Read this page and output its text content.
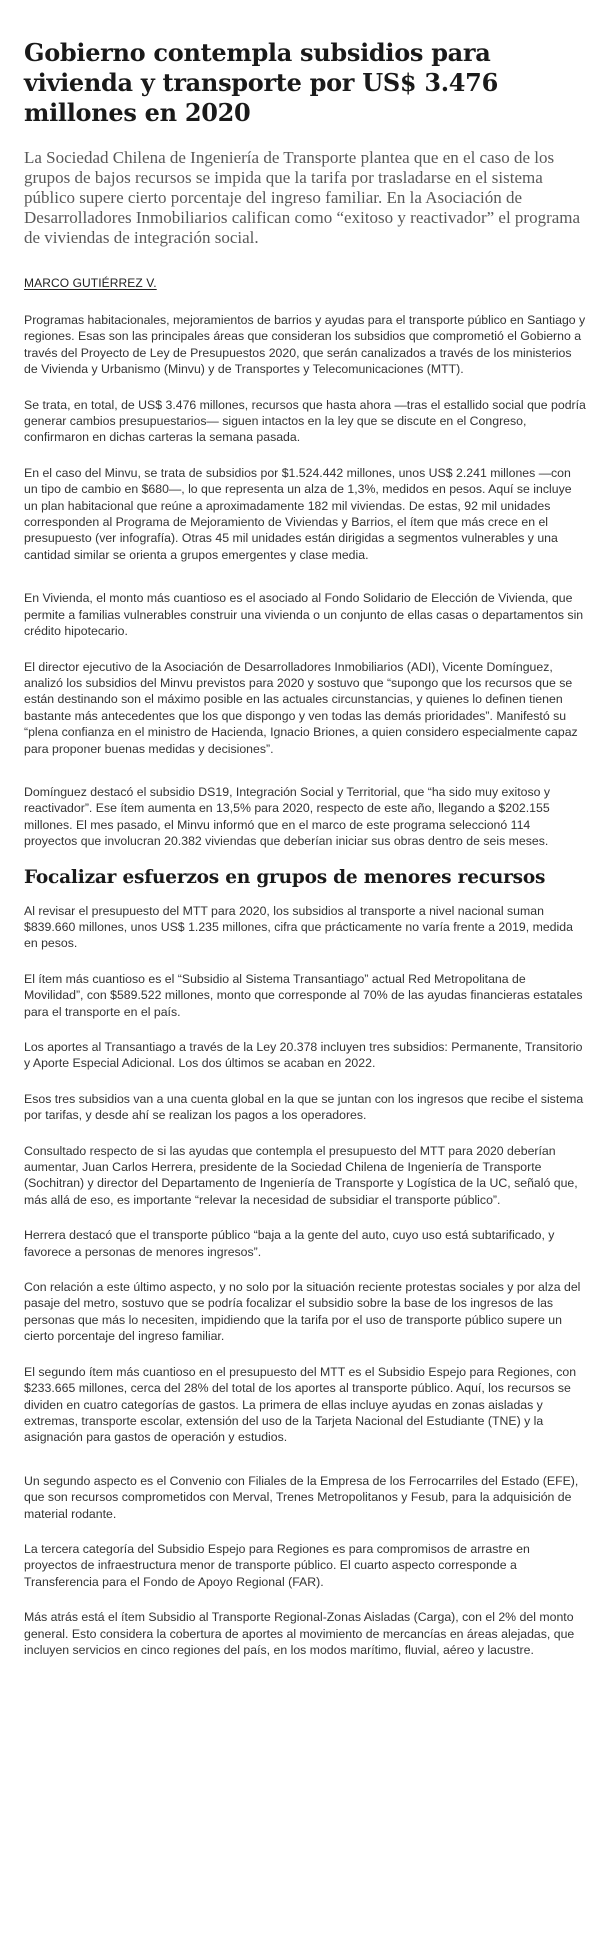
Gobierno contempla subsidios para vivienda y transporte por US$ 3.476 millones en 2020

La Sociedad Chilena de Ingeniería de Transporte plantea que en el caso de los grupos de bajos recursos se impida que la tarifa por trasladarse en el sistema público supere cierto porcentaje del ingreso familiar. En la Asociación de Desarrolladores Inmobiliarios califican como “exitoso y reactivador” el programa de viviendas de integración social.

MARCO GUTIÉRREZ V.

Programas habitacionales, mejoramientos de barrios y ayudas para el transporte público en Santiago y regiones. Esas son las principales áreas que consideran los subsidios que comprometió el Gobierno a través del Proyecto de Ley de Presupuestos 2020, que serán canalizados a través de los ministerios de Vivienda y Urbanismo (Minvu) y de Transportes y Telecomunicaciones (MTT).

Se trata, en total, de US$ 3.476 millones, recursos que hasta ahora —tras el estallido social que podría generar cambios presupuestarios— siguen intactos en la ley que se discute en el Congreso, confirmaron en dichas carteras la semana pasada.

En el caso del Minvu, se trata de subsidios por $1.524.442 millones, unos US$ 2.241 millones —con un tipo de cambio en $680—, lo que representa un alza de 1,3%, medidos en pesos. Aquí se incluye un plan habitacional que reúne a aproximadamente 182 mil viviendas. De estas, 92 mil unidades corresponden al Programa de Mejoramiento de Viviendas y Barrios, el ítem que más crece en el presupuesto (ver infografía). Otras 45 mil unidades están dirigidas a segmentos vulnerables y una cantidad similar se orienta a grupos emergentes y clase media.

En Vivienda, el monto más cuantioso es el asociado al Fondo Solidario de Elección de Vivienda, que permite a familias vulnerables construir una vivienda o un conjunto de ellas casas o departamentos sin crédito hipotecario.

El director ejecutivo de la Asociación de Desarrolladores Inmobiliarios (ADI), Vicente Domínguez, analizó los subsidios del Minvu previstos para 2020 y sostuvo que “supongo que los recursos que se están destinando son el máximo posible en las actuales circunstancias, y quienes lo definen tienen bastante más antecedentes que los que dispongo y ven todas las demás prioridades”. Manifestó su “plena confianza en el ministro de Hacienda, Ignacio Briones, a quien considero especialmente capaz para proponer buenas medidas y decisiones”.

Domínguez destacó el subsidio DS19, Integración Social y Territorial, que “ha sido muy exitoso y reactivador”. Ese ítem aumenta en 13,5% para 2020, respecto de este año, llegando a $202.155 millones. El mes pasado, el Minvu informó que en el marco de este programa seleccionó 114 proyectos que involucran 20.382 viviendas que deberían iniciar sus obras dentro de seis meses.

Focalizar esfuerzos en grupos de menores recursos

Al revisar el presupuesto del MTT para 2020, los subsidios al transporte a nivel nacional suman $839.660 millones, unos US$ 1.235 millones, cifra que prácticamente no varía frente a 2019, medida en pesos.

El ítem más cuantioso es el “Subsidio al Sistema Transantiago” actual Red Metropolitana de Movilidad”, con $589.522 millones, monto que corresponde al 70% de las ayudas financieras estatales para el transporte en el país.

Los aportes al Transantiago a través de la Ley 20.378 incluyen tres subsidios: Permanente, Transitorio y Aporte Especial Adicional. Los dos últimos se acaban en 2022.

Esos tres subsidios van a una cuenta global en la que se juntan con los ingresos que recibe el sistema por tarifas, y desde ahí se realizan los pagos a los operadores.

Consultado respecto de si las ayudas que contempla el presupuesto del MTT para 2020 deberían aumentar, Juan Carlos Herrera, presidente de la Sociedad Chilena de Ingeniería de Transporte (Sochitran) y director del Departamento de Ingeniería de Transporte y Logística de la UC, señaló que, más allá de eso, es importante “relevar la necesidad de subsidiar el transporte público”.

Herrera destacó que el transporte público “baja a la gente del auto, cuyo uso está subtarificado, y favorece a personas de menores ingresos”.

Con relación a este último aspecto, y no solo por la situación reciente protestas sociales y por alza del pasaje del metro, sostuvo que se podría focalizar el subsidio sobre la base de los ingresos de las personas que más lo necesiten, impidiendo que la tarifa por el uso de transporte público supere un cierto porcentaje del ingreso familiar.

El segundo ítem más cuantioso en el presupuesto del MTT es el Subsidio Espejo para Regiones, con $233.665 millones, cerca del 28% del total de los aportes al transporte público. Aquí, los recursos se dividen en cuatro categorías de gastos. La primera de ellas incluye ayudas en zonas aisladas y extremas, transporte escolar, extensión del uso de la Tarjeta Nacional del Estudiante (TNE) y la asignación para gastos de operación y estudios.

Un segundo aspecto es el Convenio con Filiales de la Empresa de los Ferrocarriles del Estado (EFE), que son recursos comprometidos con Merval, Trenes Metropolitanos y Fesub, para la adquisición de material rodante.

La tercera categoría del Subsidio Espejo para Regiones es para compromisos de arrastre en proyectos de infraestructura menor de transporte público. El cuarto aspecto corresponde a Transferencia para el Fondo de Apoyo Regional (FAR).

Más atrás está el ítem Subsidio al Transporte Regional-Zonas Aisladas (Carga), con el 2% del monto general. Esto considera la cobertura de aportes al movimiento de mercancías en áreas alejadas, que incluyen servicios en cinco regiones del país, en los modos marítimo, fluvial, aéreo y lacustre.
